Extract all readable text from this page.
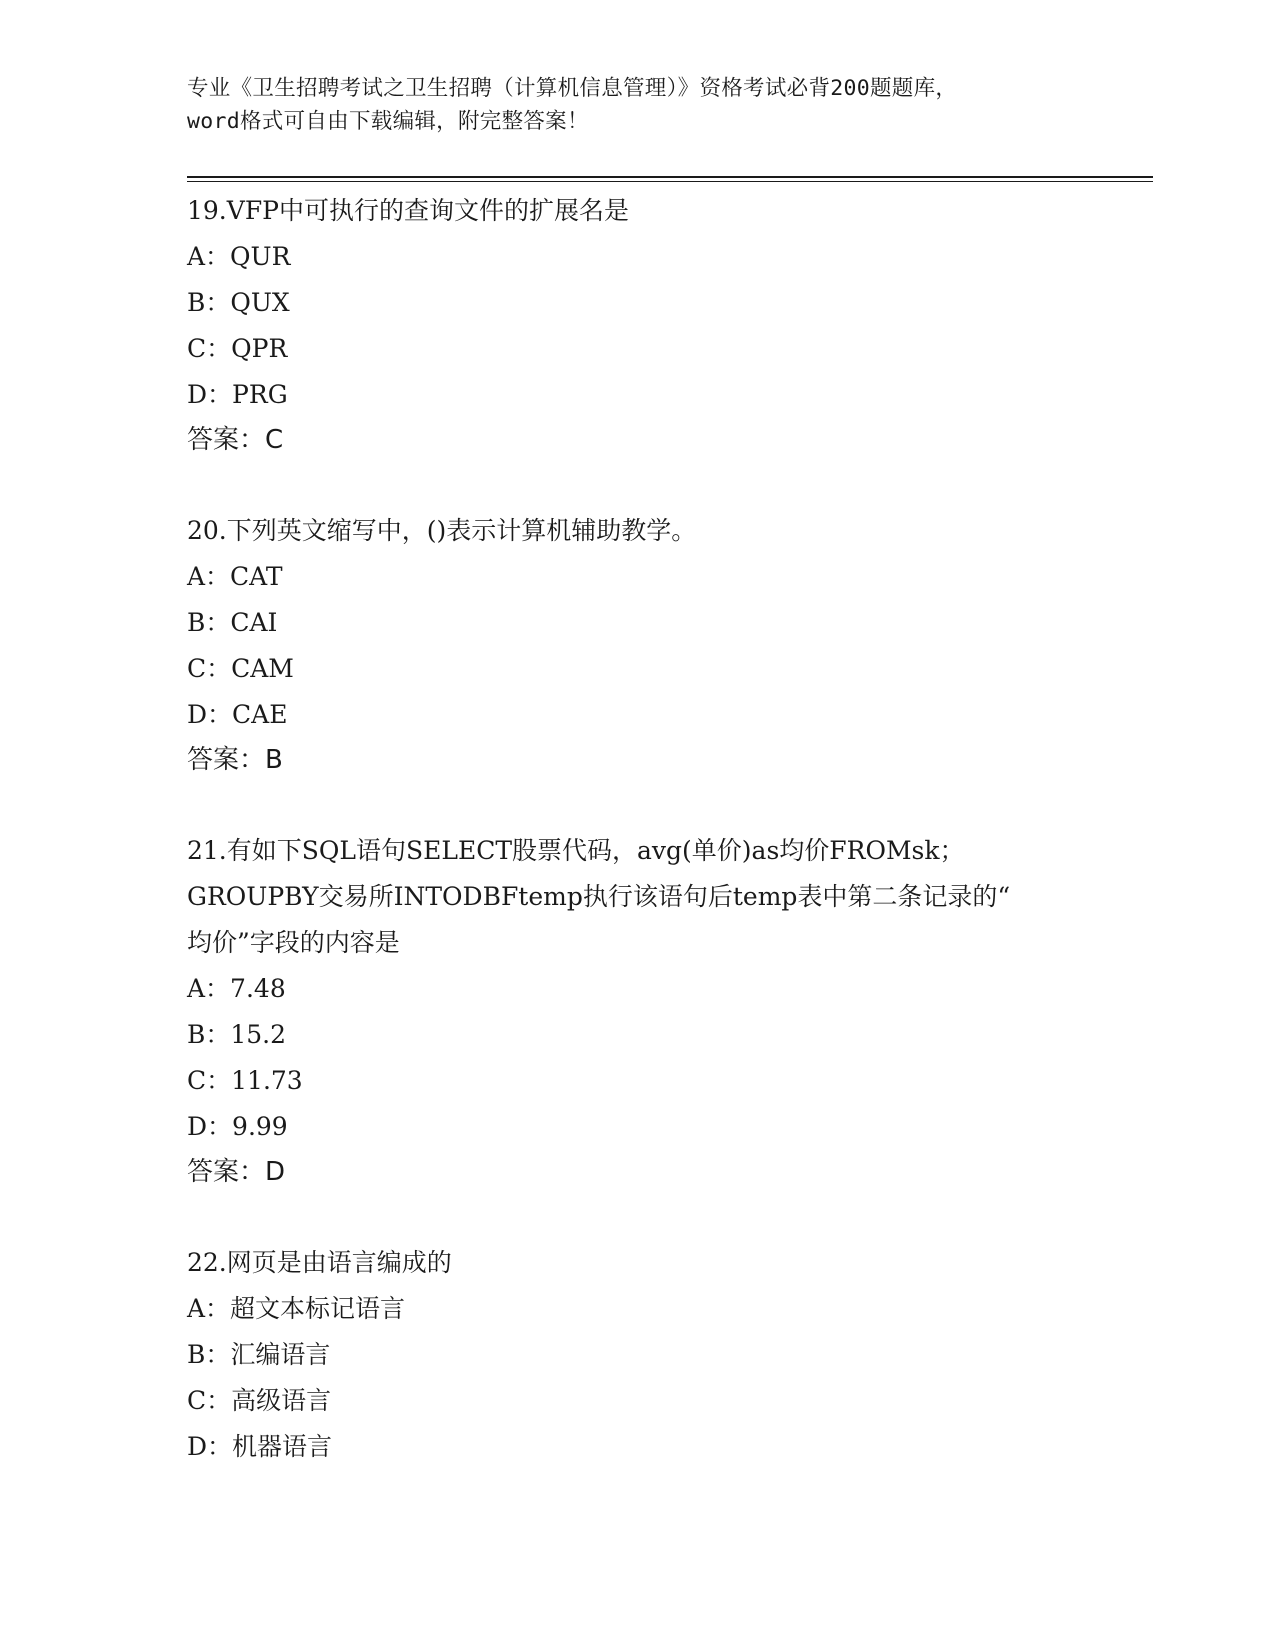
专业《卫生招聘考试之卫生招聘（计算机信息管理）》资格考试必背200题题库，
word格式可自由下载编辑，附完整答案！
19.VFP中可执行的查询文件的扩展名是
A：QUR
B：QUX
C：QPR
D：PRG
答案：C
20.下列英文缩写中，()表示计算机辅助教学。
A：CAT
B：CAI
C：CAM
D：CAE
答案：B
21.有如下SQL语句SELECT股票代码，avg(单价)as均价FROMsk；
GROUPBY交易所INTODBFtemp执行该语句后temp表中第二条记录的“
均价”字段的内容是
A：7.48
B：15.2
C：11.73
D：9.99
答案：D
22.网页是由语言编成的
A：超文本标记语言
B：汇编语言
C：高级语言
D：机器语言
